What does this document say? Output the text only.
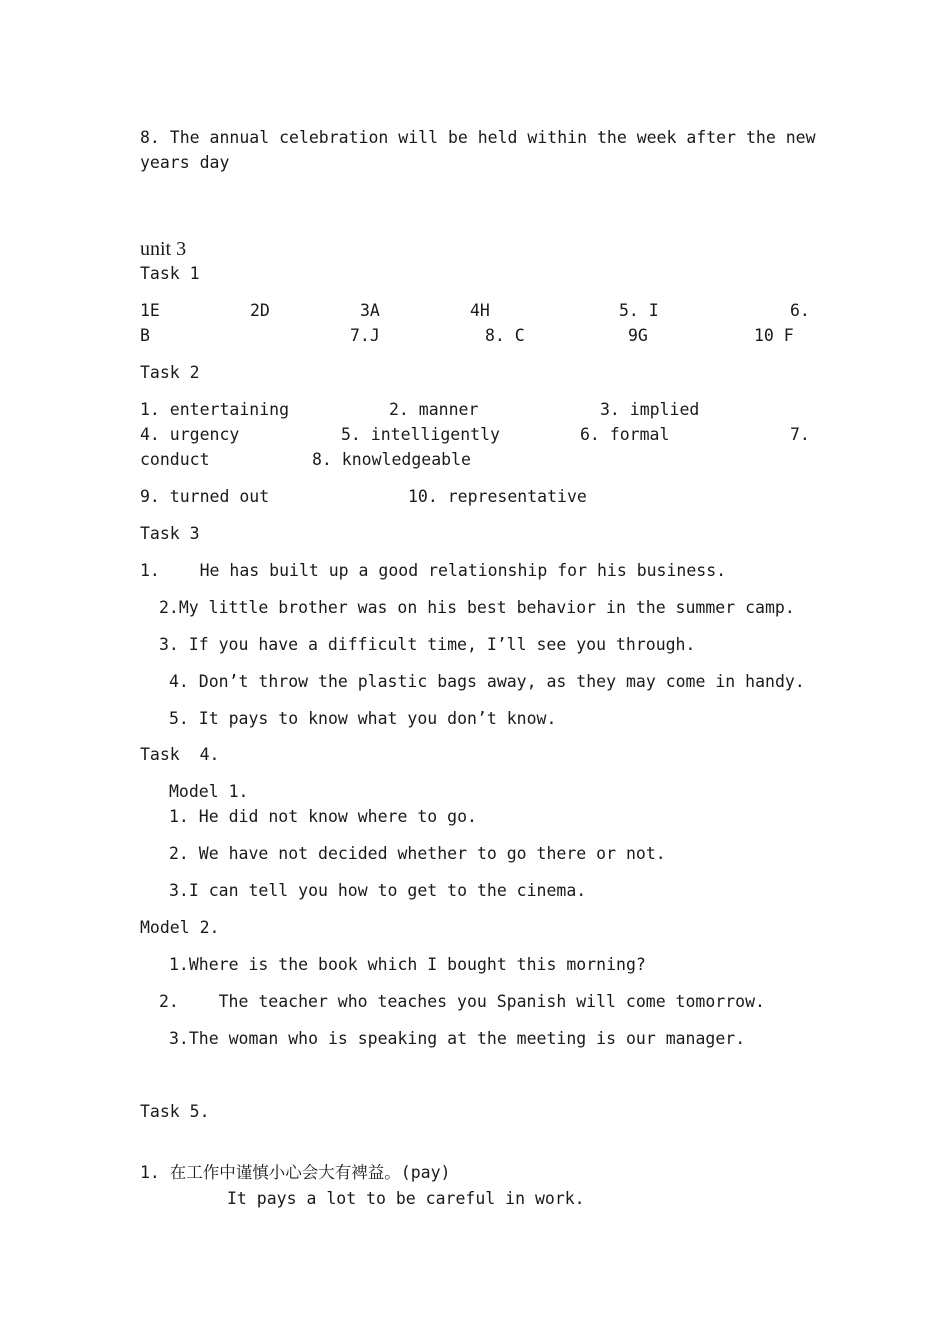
8. The annual celebration will be held within the week after the new
years day
unit 3
Task 1
1E	2D	3A	4H	5. I	6.
B	7.J	8. C	9G	10 F
Task 2
1. entertaining	2. manner	3. implied
4. urgency	5. intelligently	6. formal	7.
conduct	8. knowledgeable
9. turned out	10. representative
Task 3
1.    He has built up a good relationship for his business.
2.My little brother was on his best behavior in the summer camp.
3. If you have a difficult time, I’ll see you through.
4. Don’t throw the plastic bags away, as they may come in handy.
5. It pays to know what you don’t know.
Task  4.
Model 1.
1. He did not know where to go.
2. We have not decided whether to go there or not.
3.I can tell you how to get to the cinema.
Model 2.
1.Where is the book which I bought this morning?
2.    The teacher who teaches you Spanish will come tomorrow.
3.The woman who is speaking at the meeting is our manager.
Task 5.
1. 在工作中谨慎小心会大有裨益。(pay)
It pays a lot to be careful in work.
